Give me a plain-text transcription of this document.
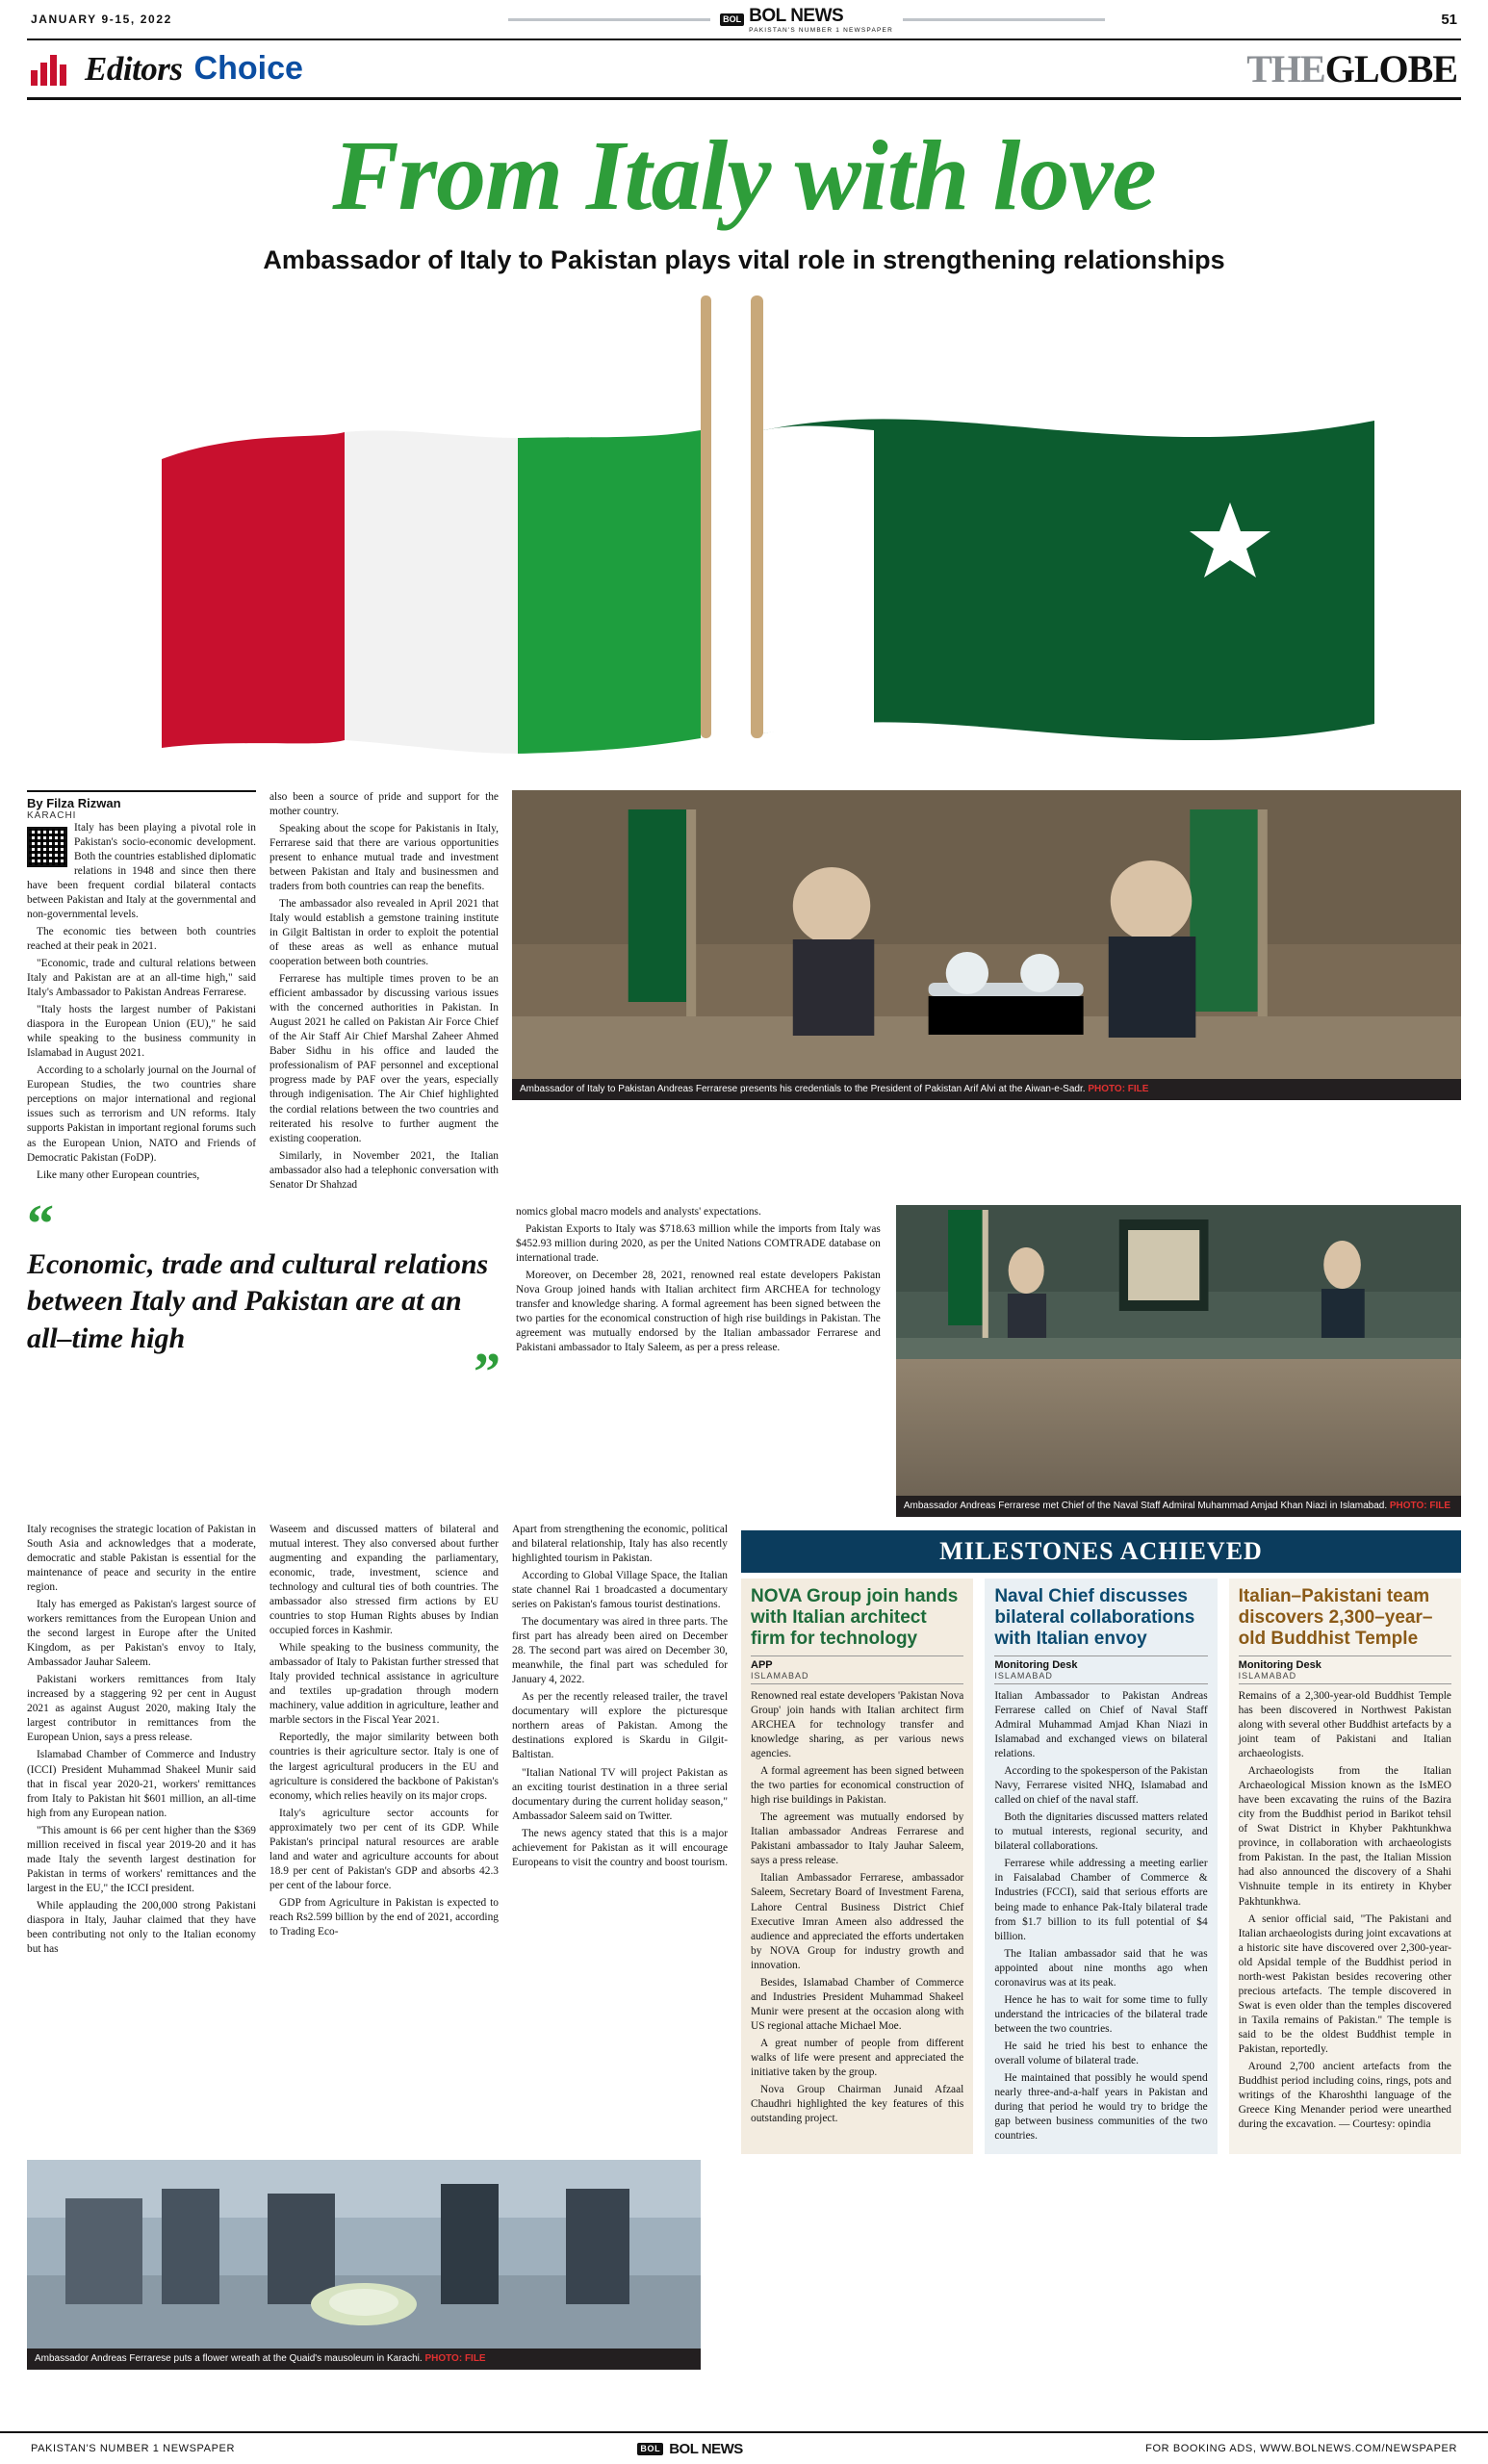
JANUARY 9-15, 2022	BOL BOL NEWS
PAKISTAN'S NUMBER 1 NEWSPAPER
51
Editors Choice	THEGLOBE
From Italy with love
Ambassador of Italy to Pakistan plays vital role in strengthening relationships
By Filza Rizwan
KARACHI

Italy has been playing a pivotal role in Pakistan's socio-economic development. Both the countries established diplomatic relations in 1948 and since then there have been frequent cordial bilateral contacts between Pakistan and Italy at the governmental and non-governmental levels.

The economic ties between both countries reached at their peak in 2021.

"Economic, trade and cultural relations between Italy and Pakistan are at an all-time high," said Italy's Ambassador to Pakistan Andreas Ferrarese.

"Italy hosts the largest number of Pakistani diaspora in the European Union (EU)," he said while speaking to the business community in Islamabad in August 2021.

According to a scholarly journal on the Journal of European Studies, the two countries share perceptions on major international and regional issues such as terrorism and UN reforms. Italy supports Pakistan in important regional forums such as the European Union, NATO and Friends of Democratic Pakistan (FoDP).

Like many other European countries,

also been a source of pride and support for the mother country.

Speaking about the scope for Pakistanis in Italy, Ferrarese said that there are various opportunities present to enhance mutual trade and investment between Pakistan and Italy and businessmen and traders from both countries can reap the benefits.

The ambassador also revealed in April 2021 that Italy would establish a gemstone training institute in Gilgit Baltistan in order to exploit the potential of these areas as well as enhance mutual cooperation between both countries.

Ferrarese has multiple times proven to be an efficient ambassador by discussing various issues with the concerned authorities in Pakistan. In August 2021 he called on Pakistan Air Force Chief of the Air Staff Air Chief Marshal Zaheer Ahmed Baber Sidhu in his office and lauded the professionalism of PAF personnel and exceptional progress made by PAF over the years, especially through indigenisation. The Air Chief highlighted the cordial relations between the two countries and reiterated his resolve to further augment the existing cooperation.

Similarly, in November 2021, the Italian ambassador also had a telephonic conversation with Senator Dr Shahzad

Ambassador of Italy to Pakistan Andreas Ferrarese presents his credentials to the President of Pakistan Arif Alvi at the Aiwan-e-Sadr. PHOTO: FILE
“
Economic, trade and cultural relations between Italy and Pakistan are at an all–time high
”

nomics global macro models and analysts' expectations.

Pakistan Exports to Italy was $718.63 million while the imports from Italy was $452.93 million during 2020, as per the United Nations COMTRADE database on international trade.

Moreover, on December 28, 2021, renowned real estate developers Pakistan Nova Group joined hands with Italian architect firm ARCHEA for technology transfer and knowledge sharing. A formal agreement has been signed between the two parties for the economical construction of high rise buildings in Pakistan. The agreement was mutually endorsed by the Italian ambassador Ferrarese and Pakistani ambassador to Italy Saleem, as per a press release.

Ambassador Andreas Ferrarese met Chief of the Naval Staff Admiral Muhammad Amjad Khan Niazi in Islamabad. PHOTO: FILE

Italy recognises the strategic location of Pakistan in South Asia and acknowledges that a moderate, democratic and stable Pakistan is essential for the maintenance of peace and security in the entire region.

Italy has emerged as Pakistan's largest source of workers remittances from the European Union and the second largest in Europe after the United Kingdom, as per Pakistan's envoy to Italy, Ambassador Jauhar Saleem.

Pakistani workers remittances from Italy increased by a staggering 92 per cent in August 2021 as against August 2020, making Italy the largest contributor in remittances from the European Union, says a press release.

Islamabad Chamber of Commerce and Industry (ICCI) President Muhammad Shakeel Munir said that in fiscal year 2020-21, workers' remittances from Italy to Pakistan hit $601 million, an all-time high from any European nation.

"This amount is 66 per cent higher than the $369 million received in fiscal year 2019-20 and it has made Italy the seventh largest destination for Pakistan in terms of workers' remittances and the largest in the EU," the ICCI president.

While applauding the 200,000 strong Pakistani diaspora in Italy, Jauhar claimed that they have been contributing not only to the Italian economy but has

Waseem and discussed matters of bilateral and mutual interest. They also conversed about further augmenting and expanding the parliamentary, economic, trade, investment, science and technology and cultural ties of both countries. The ambassador also stressed firm actions by EU countries to stop Human Rights abuses by Indian occupied forces in Kashmir.

While speaking to the business community, the ambassador of Italy to Pakistan further stressed that Italy provided technical assistance in agriculture and textiles up-gradation through modern machinery, value addition in agriculture, leather and marble sectors in the Fiscal Year 2021.

Reportedly, the major similarity between both countries is their agriculture sector. Italy is one of the largest agricultural producers in the EU and agriculture is considered the backbone of Pakistan's economy, which relies heavily on its major crops.

Italy's agriculture sector accounts for approximately two per cent of its GDP. While Pakistan's principal natural resources are arable land and water and agriculture accounts for about 18.9 per cent of Pakistan's GDP and absorbs 42.3 per cent of the labour force.

GDP from Agriculture in Pakistan is expected to reach Rs2.599 billion by the end of 2021, according to Trading Eco-

Apart from strengthening the economic, political and bilateral relationship, Italy has also recently highlighted tourism in Pakistan.

According to Global Village Space, the Italian state channel Rai 1 broadcasted a documentary series on Pakistan's famous tourist destinations.

The documentary was aired in three parts. The first part has already been aired on December 28. The second part was aired on December 30, meanwhile, the final part was scheduled for January 4, 2022.

As per the recently released trailer, the travel documentary will explore the picturesque northern areas of Pakistan. Among the destinations explored is Skardu in Gilgit-Baltistan.

"Italian National TV will project Pakistan as an exciting tourist destination in a three serial documentary during the current holiday season," Ambassador Saleem said on Twitter.

The news agency stated that this is a major achievement for Pakistan as it will encourage Europeans to visit the country and boost tourism.

MILESTONES ACHIEVED
NOVA Group join hands with Italian architect firm for technology
APP
ISLAMABAD

Renowned real estate developers 'Pakistan Nova Group' join hands with Italian architect firm ARCHEA for technology transfer and knowledge sharing, as per various news agencies.

A formal agreement has been signed between the two parties for economical construction of high rise buildings in Pakistan.

The agreement was mutually endorsed by Italian ambassador Andreas Ferrarese and Pakistani ambassador to Italy Jauhar Saleem, says a press release.

Italian Ambassador Ferrarese, ambassador Saleem, Secretary Board of Investment Farena, Lahore Central Business District Chief Executive Imran Ameen also addressed the audience and appreciated the efforts undertaken by NOVA Group for industry growth and innovation.

Besides, Islamabad Chamber of Commerce and Industries President Muhammad Shakeel Munir were present at the occasion along with US regional attache Michael Moe.

A great number of people from different walks of life were present and appreciated the initiative taken by the group.

Nova Group Chairman Junaid Afzaal Chaudhri highlighted the key features of this outstanding project.

Naval Chief discusses bilateral collaborations with Italian envoy
Monitoring Desk
ISLAMABAD

Italian Ambassador to Pakistan Andreas Ferrarese called on Chief of Naval Staff Admiral Muhammad Amjad Khan Niazi in Islamabad and exchanged views on bilateral relations.

According to the spokesperson of the Pakistan Navy, Ferrarese visited NHQ, Islamabad and called on chief of the naval staff.

Both the dignitaries discussed matters related to mutual interests, regional security, and bilateral collaborations.

Ferrarese while addressing a meeting earlier in Faisalabad Chamber of Commerce & Industries (FCCI), said that serious efforts are being made to enhance Pak-Italy bilateral trade from $1.7 billion to its full potential of $4 billion.

The Italian ambassador said that he was appointed about nine months ago when coronavirus was at its peak.

Hence he has to wait for some time to fully understand the intricacies of the bilateral trade between the two countries.

He said he tried his best to enhance the overall volume of bilateral trade.

He maintained that possibly he would spend nearly three-and-a-half years in Pakistan and during that period he would try to bridge the gap between business communities of the two countries.

Italian–Pakistani team discovers 2,300–year–old Buddhist Temple
Monitoring Desk
ISLAMABAD

Remains of a 2,300-year-old Buddhist Temple has been discovered in Northwest Pakistan along with several other Buddhist artefacts by a joint team of Pakistani and Italian archaeologists.

Archaeologists from the Italian Archaeological Mission known as the IsMEO have been excavating the ruins of the Bazira city from the Buddhist period in Barikot tehsil of Swat District in Khyber Pakhtunkhwa province, in collaboration with archaeologists from Pakistan. In the past, the Italian Mission had also announced the discovery of a Shahi Vishnuite temple in its entirety in Khyber Pakhtunkhwa.

A senior official said, "The Pakistani and Italian archaeologists during joint excavations at a historic site have discovered over 2,300-year-old Apsidal temple of the Buddhist period in north-west Pakistan besides recovering other precious artefacts. The temple discovered in Swat is even older than the temples discovered in Taxila remains of Pakistan." The temple is said to be the oldest Buddhist temple in Pakistan, reportedly.

Around 2,700 ancient artefacts from the Buddhist period including coins, rings, pots and writings of the Kharoshthi language of the Greece King Menander period were unearthed during the excavation. — Courtesy: opindia

Ambassador Andreas Ferrarese puts a flower wreath at the Quaid's mausoleum in Karachi. PHOTO: FILE
PAKISTAN'S NUMBER 1 NEWSPAPER	BOL BOL NEWS	FOR BOOKING ADS, WWW.BOLNEWS.COM/NEWSPAPER
